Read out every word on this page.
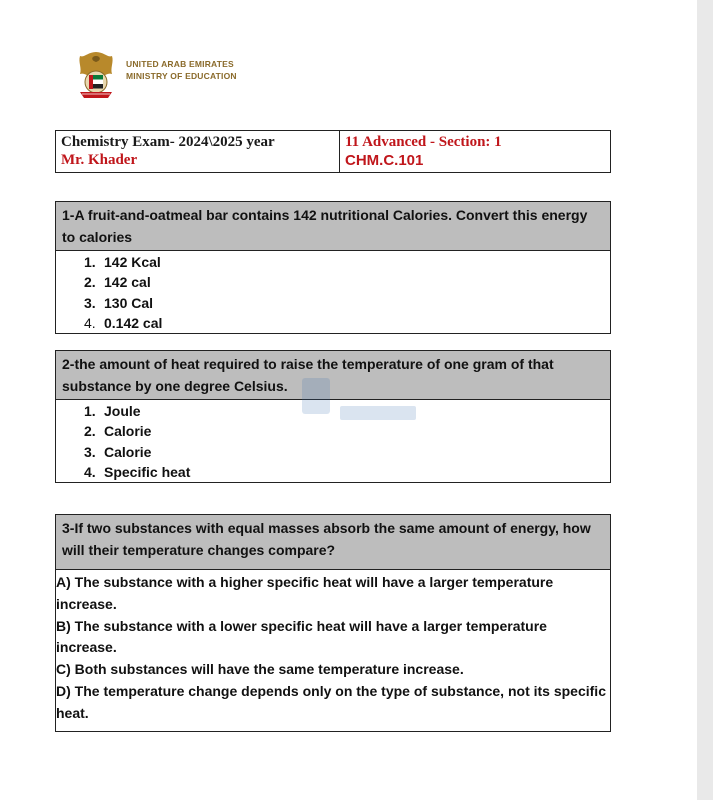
UNITED ARAB EMIRATES
MINISTRY OF EDUCATION
Chemistry Exam- 2024\2025 year
Mr. Khader
11 Advanced - Section: 1
CHM.C.101
1-A fruit-and-oatmeal bar contains 142 nutritional Calories. Convert this energy to calories
1. 142 Kcal
2. 142 cal
3. 130 Cal
4. 0.142 cal
2-the amount of heat required to raise the temperature of one gram of that substance by one degree Celsius.
1. Joule
2. Calorie
3. Calorie
4. Specific heat
3-If two substances with equal masses absorb the same amount of energy, how will their temperature changes compare?
A) The substance with a higher specific heat will have a larger temperature increase.
B) The substance with a lower specific heat will have a larger temperature increase.
C) Both substances will have the same temperature increase.
D) The temperature change depends only on the type of substance, not its specific heat.
